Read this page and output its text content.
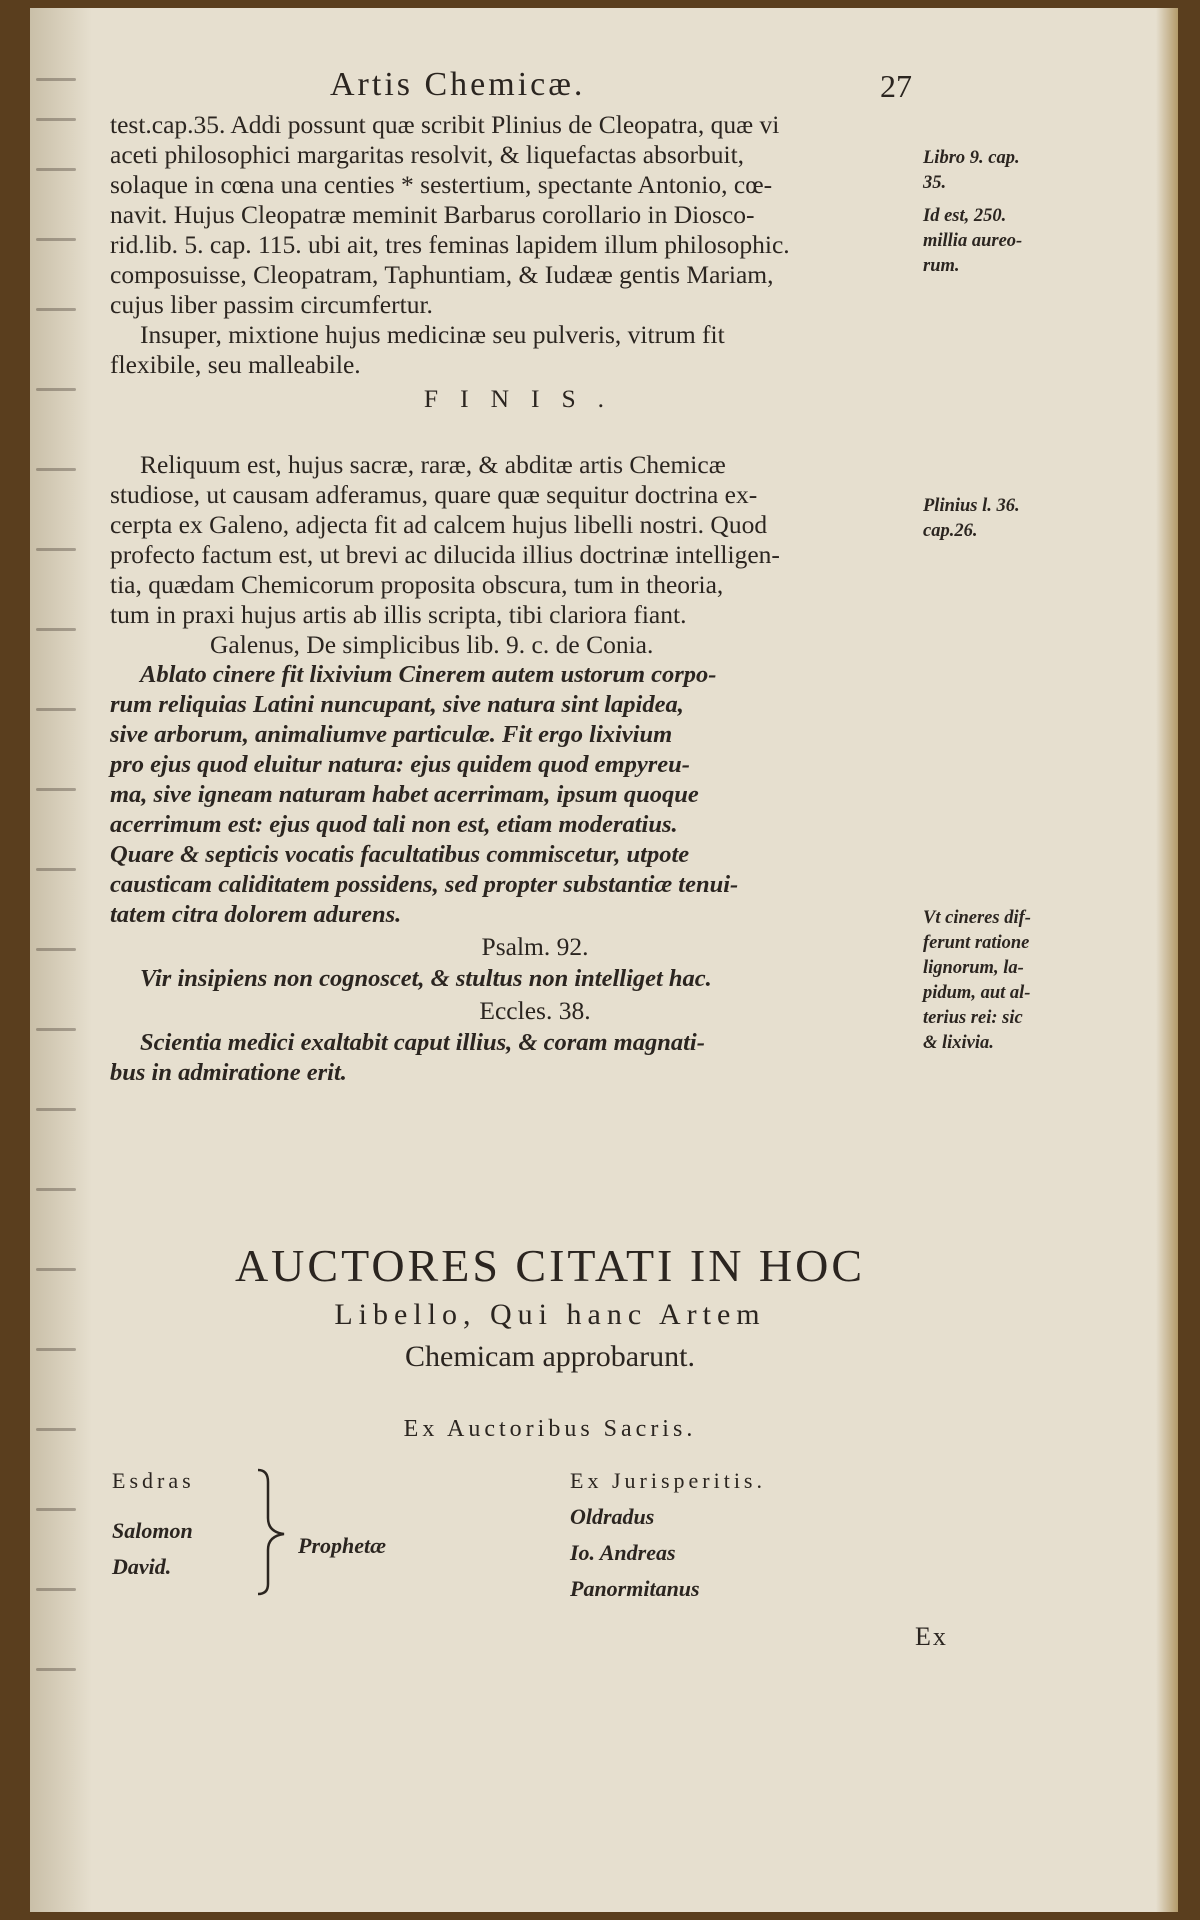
Artis Chemicæ.	27
test.cap.35. Addi possunt quæ scribit Plinius de Cleopatra, quæ vi
aceti philosophici margaritas resolvit, & liquefactas absorbuit,
solaque in cœna una centies * sestertium, spectante Antonio, cœ-
navit. Hujus Cleopatræ meminit Barbarus corollario in Diosco-
rid.lib. 5. cap. 115. ubi ait, tres feminas lapidem illum philosophic.
composuisse, Cleopatram, Taphuntiam, & Iudææ gentis Mariam,
cujus liber passim circumfertur.
Insuper, mixtione hujus medicinæ seu pulveris, vitrum fit
flexibile, seu malleabile.
FINIS.
Reliquum est, hujus sacræ, raræ, & abditæ artis Chemicæ
studiose, ut causam adferamus, quare quæ sequitur doctrina ex-
cerpta ex Galeno, adjecta fit ad calcem hujus libelli nostri. Quod
profecto factum est, ut brevi ac dilucida illius doctrinæ intelligen-
tia, quædam Chemicorum proposita obscura, tum in theoria,
tum in praxi hujus artis ab illis scripta, tibi clariora fiant.
Galenus, De simplicibus lib. 9. c. de Conia.
Ablato cinere fit lixivium Cinerem autem ustorum corpo-
rum reliquias Latini nuncupant, sive natura sint lapidea,
sive arborum, animaliumve particulæ. Fit ergo lixivium
pro ejus quod eluitur natura: ejus quidem quod empyreu-
ma, sive igneam naturam habet acerrimam, ipsum quoque
acerrimum est: ejus quod tali non est, etiam moderatius.
Quare & septicis vocatis facultatibus commiscetur, utpote
causticam caliditatem possidens, sed propter substantiæ tenui-
tatem citra dolorem adurens.
Psalm. 92.
Vir insipiens non cognoscet, & stultus non intelliget hac.
Eccles. 38.
Scientia medici exaltabit caput illius, & coram magnati-
bus in admiratione erit.
Libro 9. cap.
35.
Id est, 250.
millia aureo-
rum.
Plinius l. 36.
cap.26.
Vt cineres dif-
ferunt ratione
lignorum, la-
pidum, aut al-
terius rei: sic
& lixivia.
AUCTORES CITATI IN HOC
Libello, Qui hanc Artem
Chemicam approbarunt.
Ex Auctoribus Sacris.
Esdras
Salomon
David.
Prophetæ
Ex Jurisperitis.
Oldradus
Io. Andreas
Panormitanus
Ex
